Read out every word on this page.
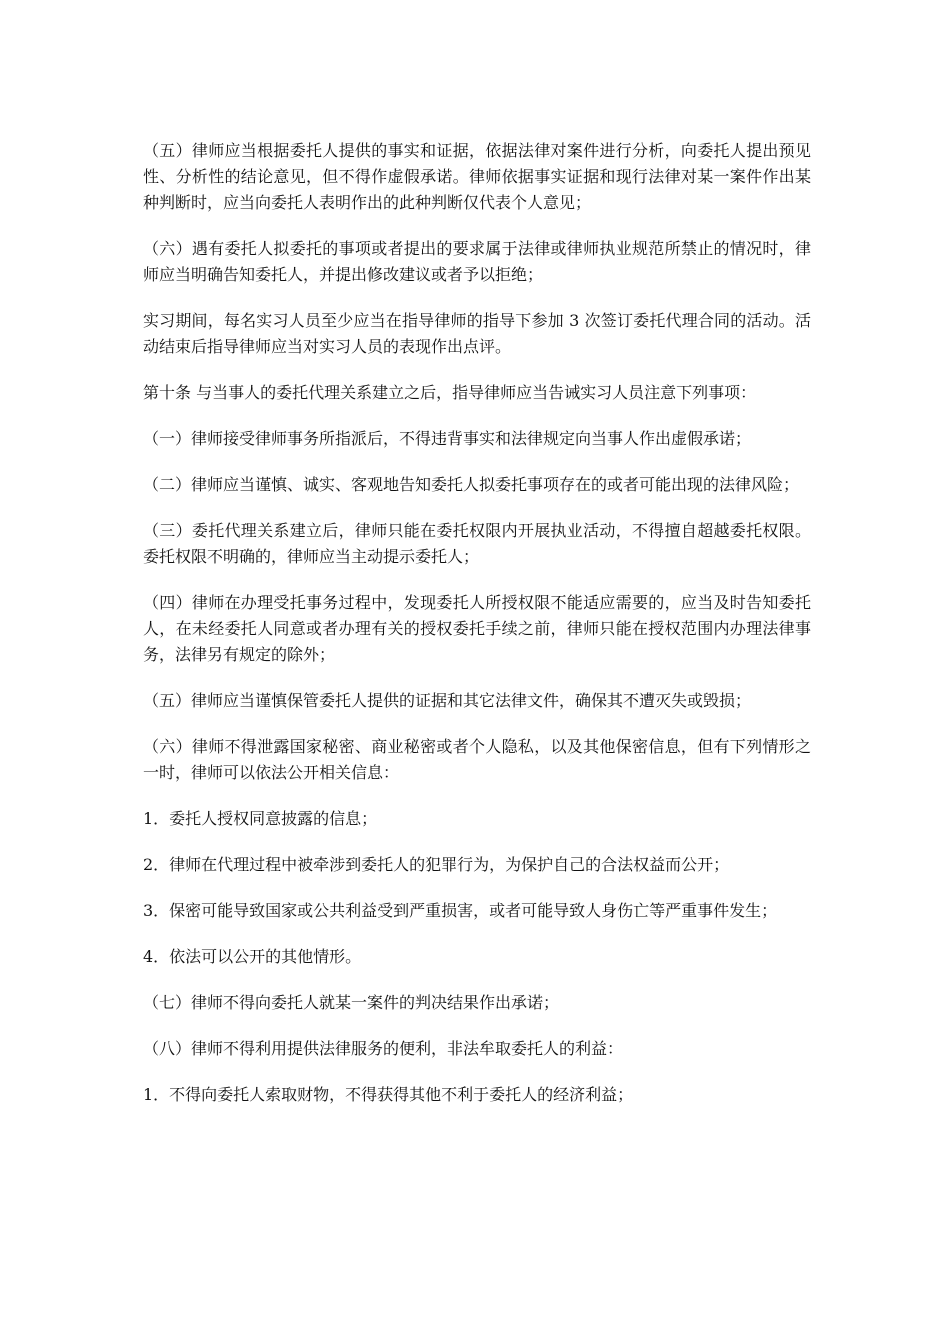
（五）律师应当根据委托人提供的事实和证据，依据法律对案件进行分析，向委托人提出预见性、分析性的结论意见，但不得作虚假承诺。律师依据事实证据和现行法律对某一案件作出某种判断时，应当向委托人表明作出的此种判断仅代表个人意见；

（六）遇有委托人拟委托的事项或者提出的要求属于法律或律师执业规范所禁止的情况时，律师应当明确告知委托人，并提出修改建议或者予以拒绝；

实习期间，每名实习人员至少应当在指导律师的指导下参加 3 次签订委托代理合同的活动。活动结束后指导律师应当对实习人员的表现作出点评。

第十条 与当事人的委托代理关系建立之后，指导律师应当告诫实习人员注意下列事项：

（一）律师接受律师事务所指派后，不得违背事实和法律规定向当事人作出虚假承诺；

（二）律师应当谨慎、诚实、客观地告知委托人拟委托事项存在的或者可能出现的法律风险；

（三）委托代理关系建立后，律师只能在委托权限内开展执业活动，不得擅自超越委托权限。委托权限不明确的，律师应当主动提示委托人；

（四）律师在办理受托事务过程中，发现委托人所授权限不能适应需要的，应当及时告知委托人，在未经委托人同意或者办理有关的授权委托手续之前，律师只能在授权范围内办理法律事务，法律另有规定的除外；

（五）律师应当谨慎保管委托人提供的证据和其它法律文件，确保其不遭灭失或毁损；

（六）律师不得泄露国家秘密、商业秘密或者个人隐私，以及其他保密信息，但有下列情形之一时，律师可以依法公开相关信息：

1．委托人授权同意披露的信息；

2．律师在代理过程中被牵涉到委托人的犯罪行为，为保护自己的合法权益而公开；

3．保密可能导致国家或公共利益受到严重损害，或者可能导致人身伤亡等严重事件发生；

4．依法可以公开的其他情形。

（七）律师不得向委托人就某一案件的判决结果作出承诺；

（八）律师不得利用提供法律服务的便利，非法牟取委托人的利益：

1．不得向委托人索取财物，不得获得其他不利于委托人的经济利益；
